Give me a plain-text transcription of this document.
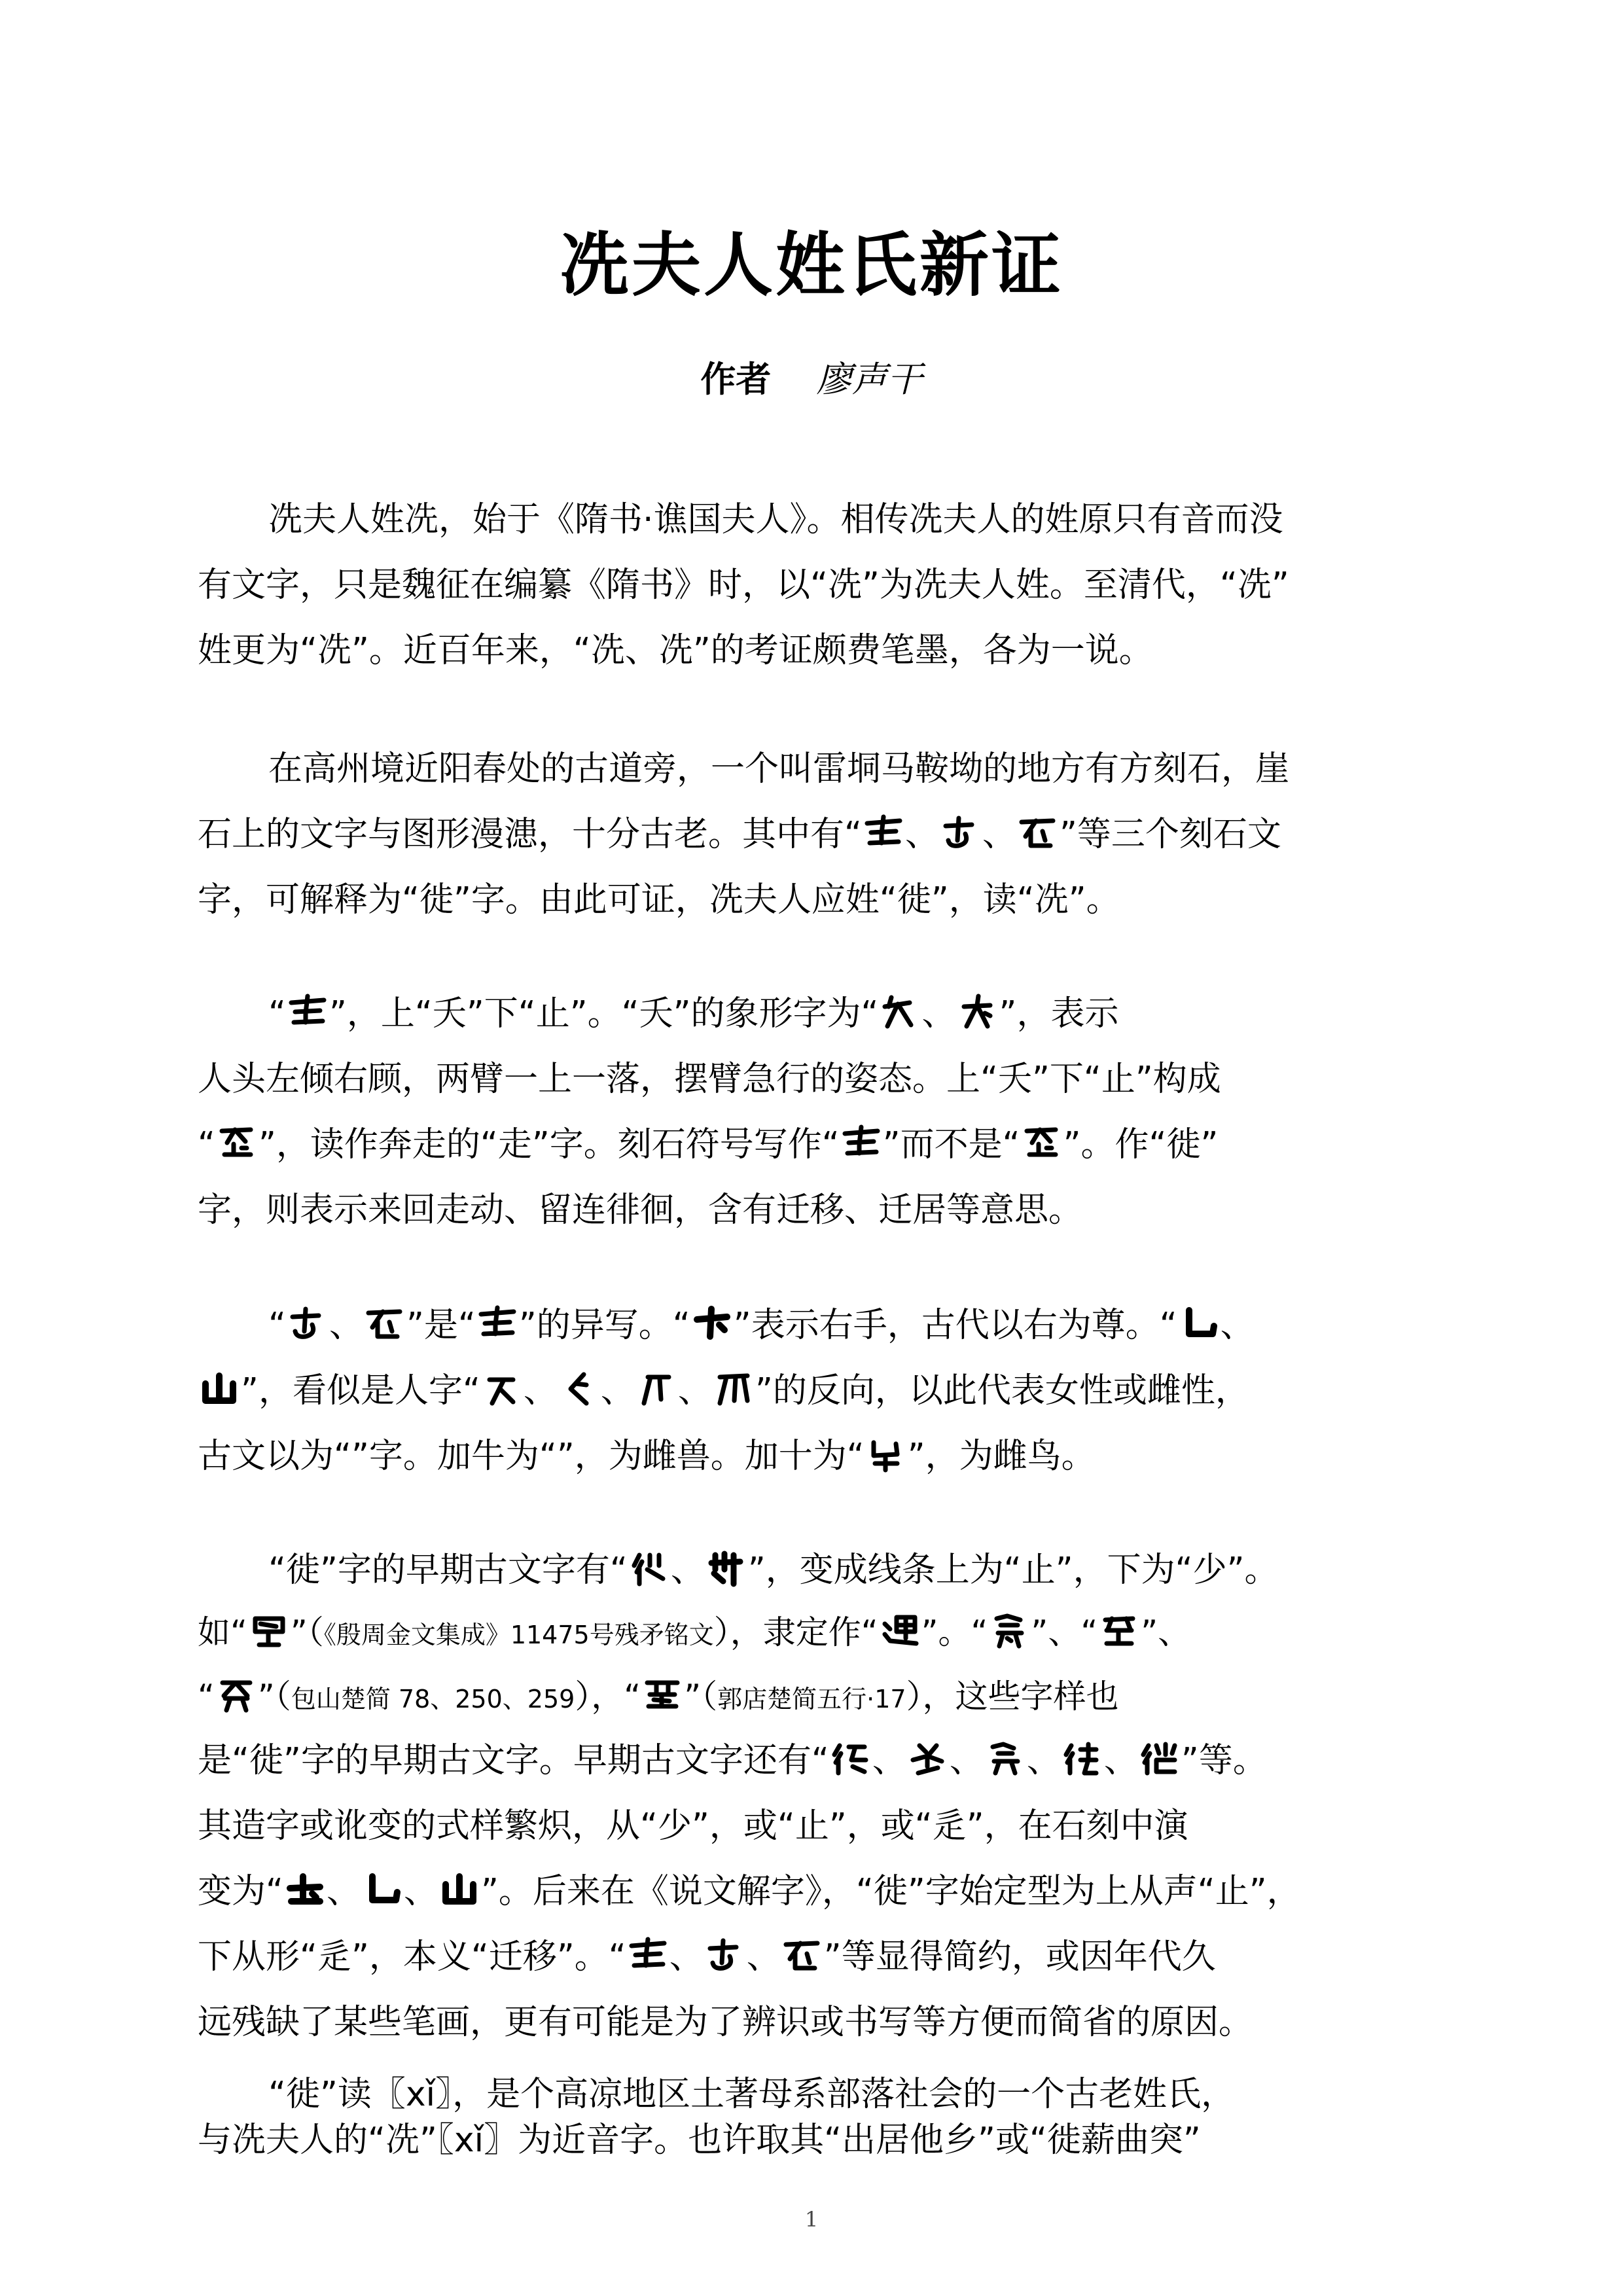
冼夫人姓氏新证
作者 廖声干
冼夫人姓冼，始于《隋书·谯国夫人》。相传冼夫人的姓原只有音而没
有文字，只是魏征在编纂《隋书》时，以“冼”为冼夫人姓。至清代，“冼”
姓更为“冼”。近百年来，“冼、冼”的考证颇费笔墨，各为一说。
在高州境近阳春处的古道旁，一个叫雷垌马鞍坳的地方有方刻石，崖
石上的文字与图形漫漶，十分古老。其中有“ 、 、 ”等三个刻石文
字，可解释为“徙”字。由此可证，冼夫人应姓“徙”，读“冼”。
“ ”，上“夭”下“止”。“夭”的象形字为“ 、 ”，表示
人头左倾右顾，两臂一上一落，摆臂急行的姿态。上“夭”下“止”构成
“ ”，读作奔走的“走”字。刻石符号写作“ ”而不是“ ”。作“徙”
字，则表示来回走动、留连徘徊，含有迁移、迁居等意思。
“ 、 ”是“ ”的异写。“ ”表示右手，古代以右为尊。“ 、
”，看似是人字“ 、 、 、 ”的反向，以此代表女性或雌性，
古文以为“”字。加牛为“”，为雌兽。加十为“ ”，为雌鸟。
“徙”字的早期古文字有“ 、 ”，变成线条上为“止”，下为“少”。
如“ ”（《殷周金文集成》11475号残矛铭文），隶定作“ ”。“ ”、“ ”、
“ ”（包山楚简 78、250、259），“ ”（郭店楚简五行·17），这些字样也
是“徙”字的早期古文字。早期古文字还有“ 、 、 、 、 ”等。
其造字或讹变的式样繁炽，从“少”，或“止”，或“辵”，在石刻中演
变为“ 、 、 ”。后来在《说文解字》，“徙”字始定型为上从声“止”，
下从形“辵”，本义“迁移”。“ 、 、 ”等显得简约，或因年代久
远残缺了某些笔画，更有可能是为了辨识或书写等方便而简省的原因。
“徙”读〖xǐ〗，是个高凉地区土著母系部落社会的一个古老姓氏，
与冼夫人的“冼”〖xǐ〗为近音字。也许取其“出居他乡”或“徙薪曲突”
1
